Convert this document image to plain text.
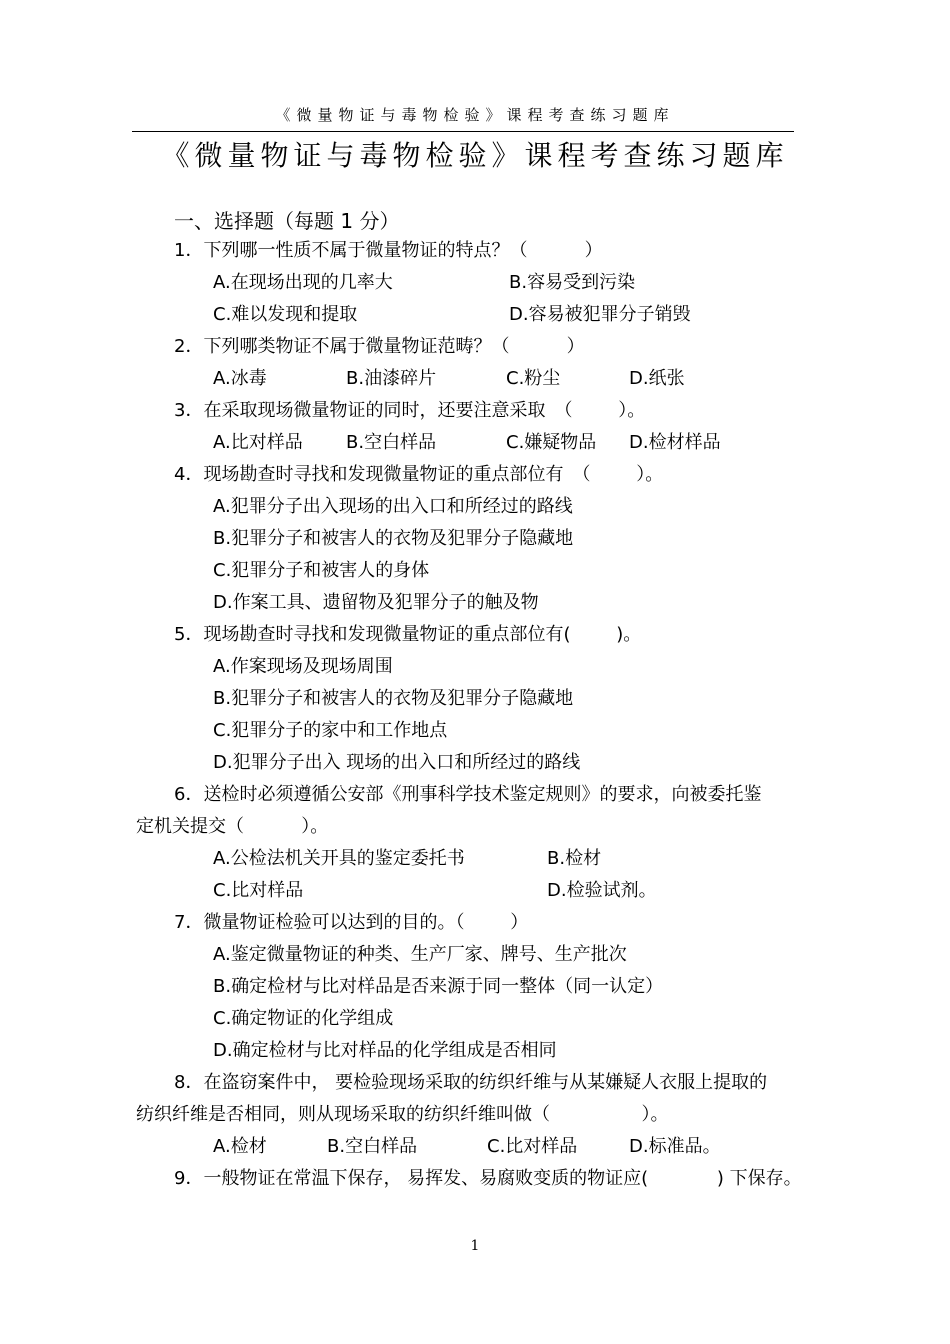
《微量物证与毒物检验》课程考查练习题库
《微量物证与毒物检验》课程考查练习题库
一、选择题（每题 1 分）
1．下列哪一性质不属于微量物证的特点？（          ）
A.在现场出现的几率大	B.容易受到污染
C.难以发现和提取	D.容易被犯罪分子销毁
2．下列哪类物证不属于微量物证范畴？（          ）
A.冰毒	B.油漆碎片	C.粉尘	D.纸张
3．在采取现场微量物证的同时，还要注意采取　（        ）。
A.比对样品 B.空白样品	C.嫌疑物品 D.检材样品
4．现场勘查时寻找和发现微量物证的重点部位有　（        ）。
A.犯罪分子出入现场的出入口和所经过的路线
B.犯罪分子和被害人的衣物及犯罪分子隐藏地
C.犯罪分子和被害人的身体
D.作案工具、遗留物及犯罪分子的触及物
5．现场勘查时寻找和发现微量物证的重点部位有(        )。
A.作案现场及现场周围
B.犯罪分子和被害人的衣物及犯罪分子隐藏地
C.犯罪分子的家中和工作地点
D.犯罪分子出入 现场的出入口和所经过的路线
6．送检时必须遵循公安部《刑事科学技术鉴定规则》的要求，向被委托鉴
定机关提交（          ）。
A.公检法机关开具的鉴定委托书	B.检材
C.比对样品	D.检验试剂。
7．微量物证检验可以达到的目的。（        ）
A.鉴定微量物证的种类、生产厂家、牌号、生产批次
B.确定检材与比对样品是否来源于同一整体（同一认定）
C.确定物证的化学组成
D.确定检材与比对样品的化学组成是否相同
8．在盗窃案件中， 要检验现场采取的纺织纤维与从某嫌疑人衣服上提取的
纺织纤维是否相同，则从现场采取的纺织纤维叫做（                ）。
A.检材	B.空白样品	C.比对样品	D.标准品。
9．一般物证在常温下保存， 易挥发、易腐败变质的物证应(            ) 下保存。
1
